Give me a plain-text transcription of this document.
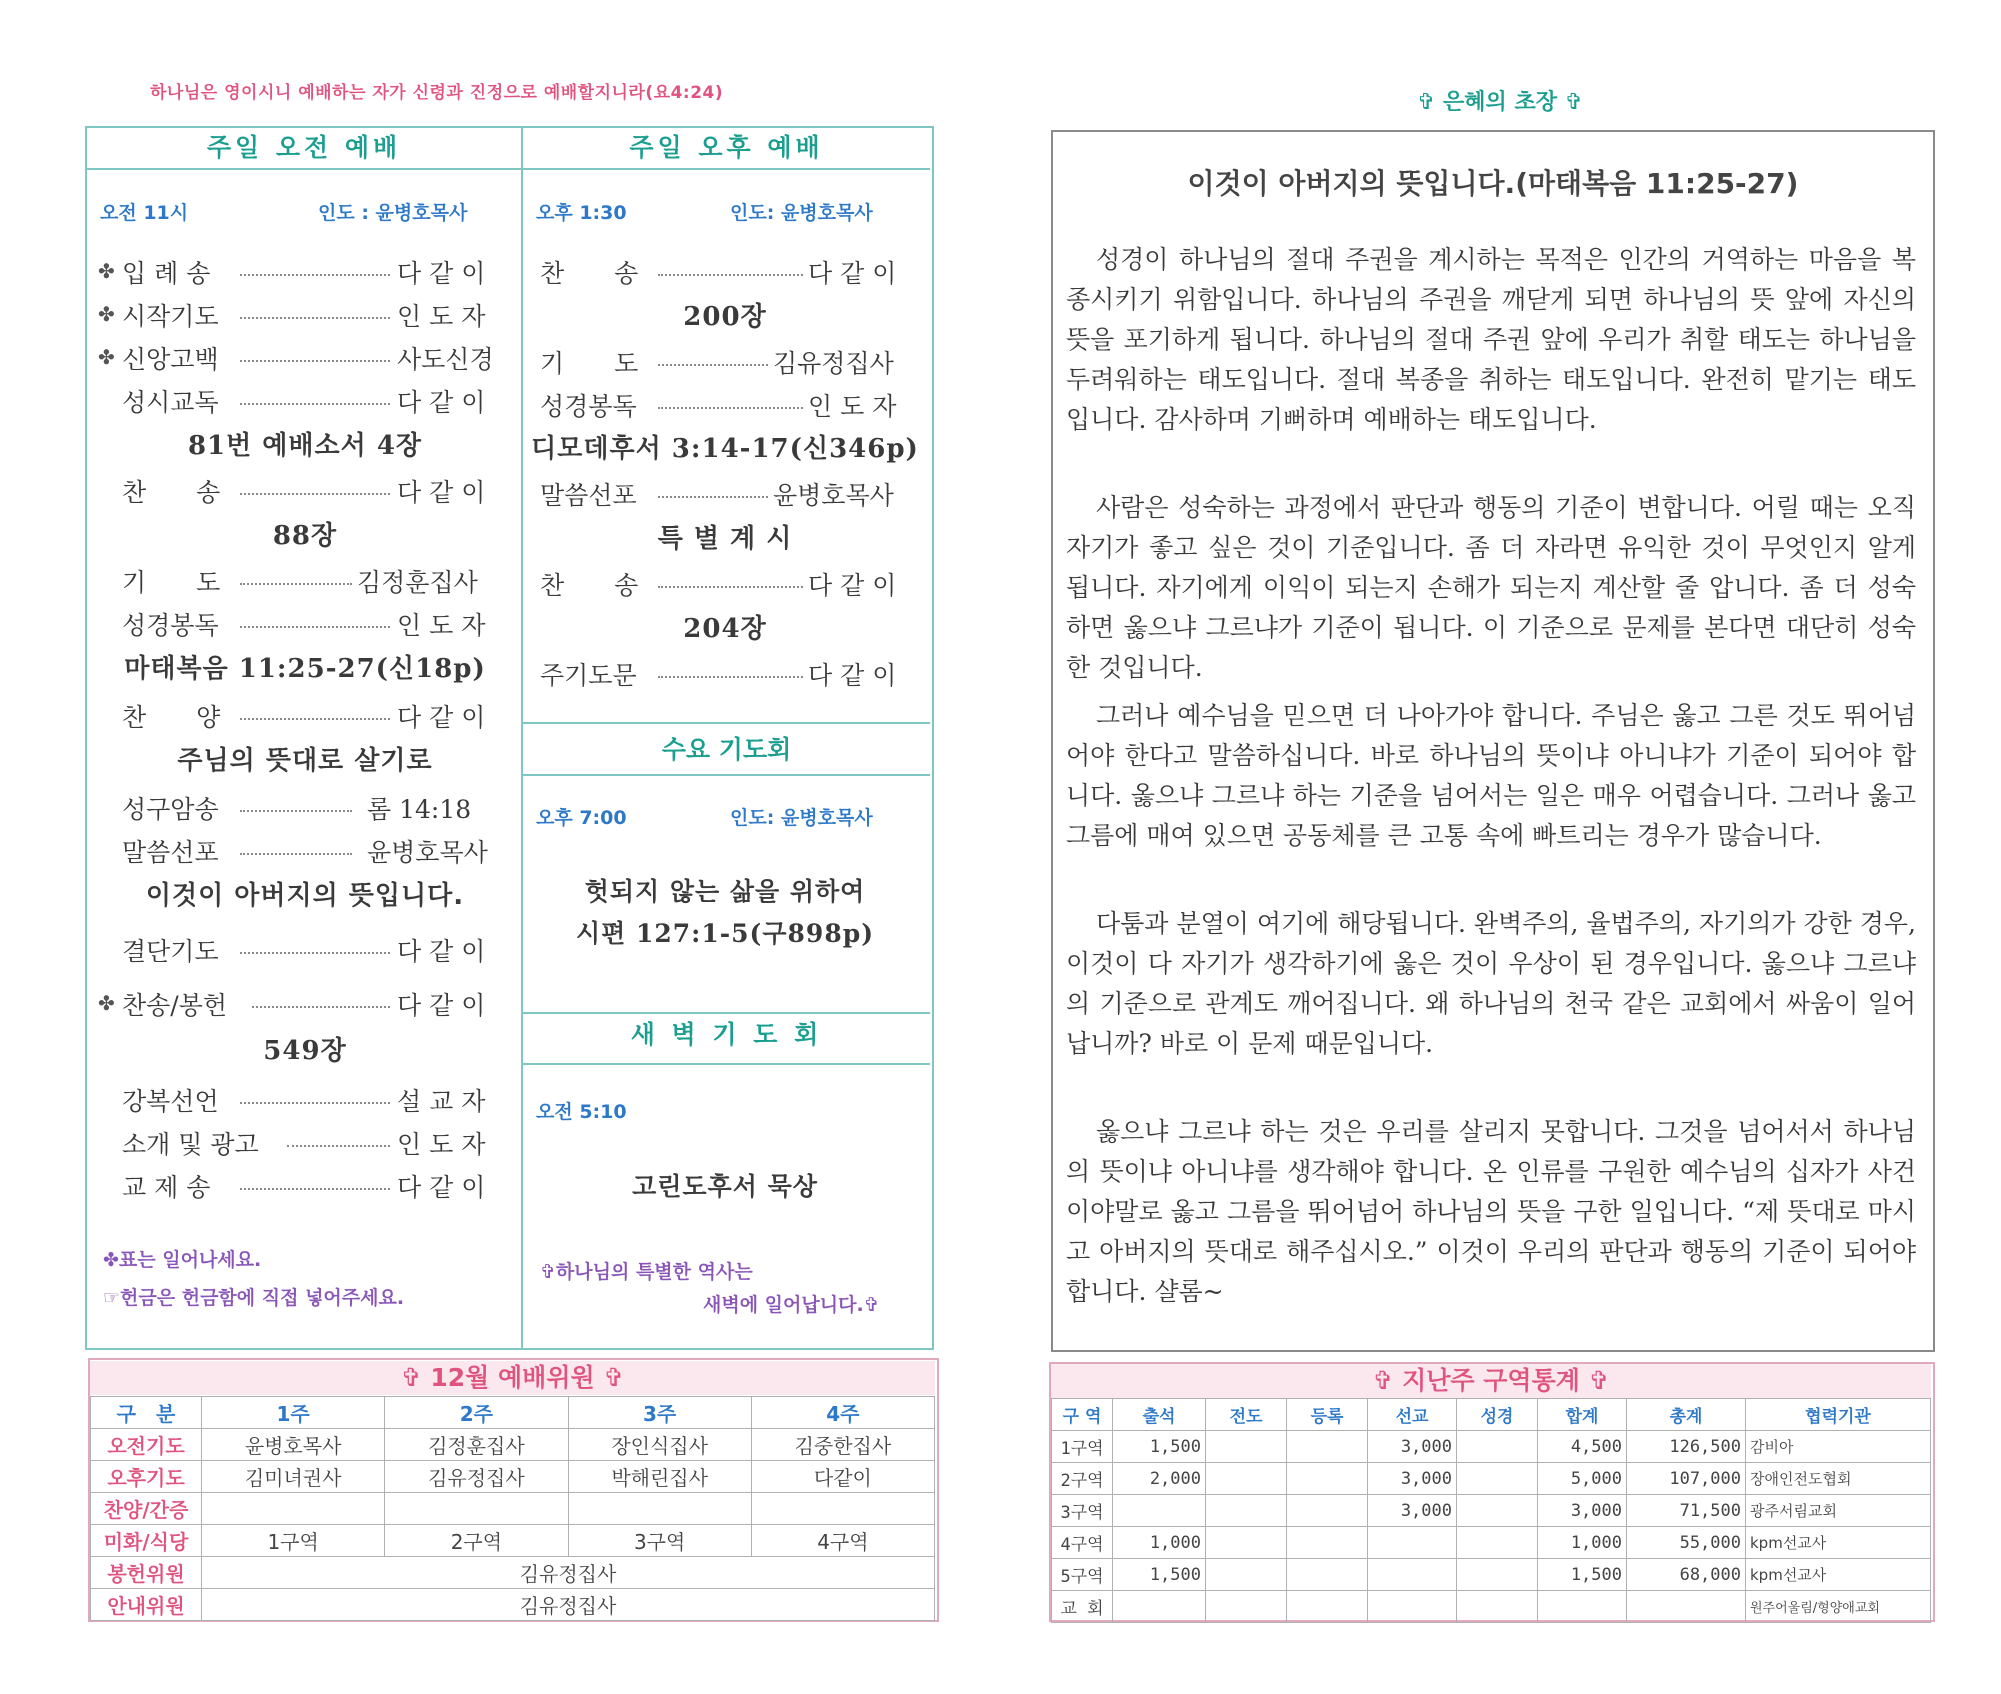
하나님은 영이시니 예배하는 자가 신령과 진정으로 예배할지니라(요4:24)
주일 오전 예배	주일 오후 예배
오전 11시	인도 : 윤병호목사
✤ 입 례 송	다 같 이
✤ 시작기도	인 도 자
✤ 신앙고백	사도신경
성시교독	다 같 이
81번 예배소서 4장
찬　　송	다 같 이
88장
기　　도	김정훈집사
성경봉독	인 도 자
마태복음 11:25-27(신18p)
찬　　양	다 같 이
주님의 뜻대로 살기로
성구암송	롬 14:18
말씀선포	윤병호목사
이것이 아버지의 뜻입니다.
결단기도	다 같 이
✤ 찬송/봉헌	다 같 이
549장
강복선언	설 교 자
소개 및 광고	인 도 자
교 제 송	다 같 이
✤표는 일어나세요.
☞헌금은 헌금함에 직접 넣어주세요.
오후 1:30	인도: 윤병호목사
찬　　송	다 같 이
200장
기　　도	김유정집사
성경봉독	인 도 자
디모데후서 3:14-17(신346p)
말씀선포	윤병호목사
특 별 계 시
찬　　송	다 같 이
204장
주기도문	다 같 이
수요 기도회
오후 7:00	인도: 윤병호목사
헛되지 않는 삶을 위하여
시편 127:1-5(구898p)
새 벽 기 도 회
오전 5:10
고린도후서 묵상
✞하나님의 특별한 역사는
새벽에 일어납니다.✞
✞ 12월 예배위원 ✞
구　분	1주	2주	3주	4주
오전기도	윤병호목사	김정훈집사	장인식집사	김중한집사
오후기도	김미녀권사	김유정집사	박해린집사	다같이
찬양/간증				
미화/식당	1구역	2구역	3구역	4구역
봉헌위원	김유정집사			
안내위원	김유정집사			
✞ 은혜의 초장 ✞
이것이 아버지의 뜻입니다.(마태복음 11:25-27)
성경이 하나님의 절대 주권을 계시하는 목적은 인간의 거역하는 마음을 복종시키기 위함입니다. 하나님의 주권을 깨닫게 되면 하나님의 뜻 앞에 자신의 뜻을 포기하게 됩니다. 하나님의 절대 주권 앞에 우리가 취할 태도는 하나님을 두려워하는 태도입니다. 절대 복종을 취하는 태도입니다. 완전히 맡기는 태도입니다. 감사하며 기뻐하며 예배하는 태도입니다.
사람은 성숙하는 과정에서 판단과 행동의 기준이 변합니다. 어릴 때는 오직 자기가 좋고 싶은 것이 기준입니다. 좀 더 자라면 유익한 것이 무엇인지 알게 됩니다. 자기에게 이익이 되는지 손해가 되는지 계산할 줄 압니다. 좀 더 성숙하면 옳으냐 그르냐가 기준이 됩니다. 이 기준으로 문제를 본다면 대단히 성숙한 것입니다.
그러나 예수님을 믿으면 더 나아가야 합니다. 주님은 옳고 그른 것도 뛰어넘어야 한다고 말씀하십니다. 바로 하나님의 뜻이냐 아니냐가 기준이 되어야 합니다. 옳으냐 그르냐 하는 기준을 넘어서는 일은 매우 어렵습니다. 그러나 옳고 그름에 매여 있으면 공동체를 큰 고통 속에 빠트리는 경우가 많습니다.
다툼과 분열이 여기에 해당됩니다. 완벽주의, 율법주의, 자기의가 강한 경우, 이것이 다 자기가 생각하기에 옳은 것이 우상이 된 경우입니다. 옳으냐 그르냐의 기준으로 관계도 깨어집니다. 왜 하나님의 천국 같은 교회에서 싸움이 일어납니까? 바로 이 문제 때문입니다.
옳으냐 그르냐 하는 것은 우리를 살리지 못합니다. 그것을 넘어서서 하나님의 뜻이냐 아니냐를 생각해야 합니다. 온 인류를 구원한 예수님의 십자가 사건이야말로 옳고 그름을 뛰어넘어 하나님의 뜻을 구한 일입니다. “제 뜻대로 마시고 아버지의 뜻대로 해주십시오.” 이것이 우리의 판단과 행동의 기준이 되어야 합니다. 샬롬~
✞ 지난주 구역통계 ✞
구 역	출석	전도	등록	선교	성경	합계	총계	협력기관
1구역	1,500			3,000		4,500	126,500	감비아
2구역	2,000			3,000		5,000	107,000	장애인전도협회
3구역				3,000		3,000	71,500	광주서림교회
4구역	1,000					1,000	55,000	kpm선교사
5구역	1,500					1,500	68,000	kpm선교사
교 회								원주어울림/형양애교회
